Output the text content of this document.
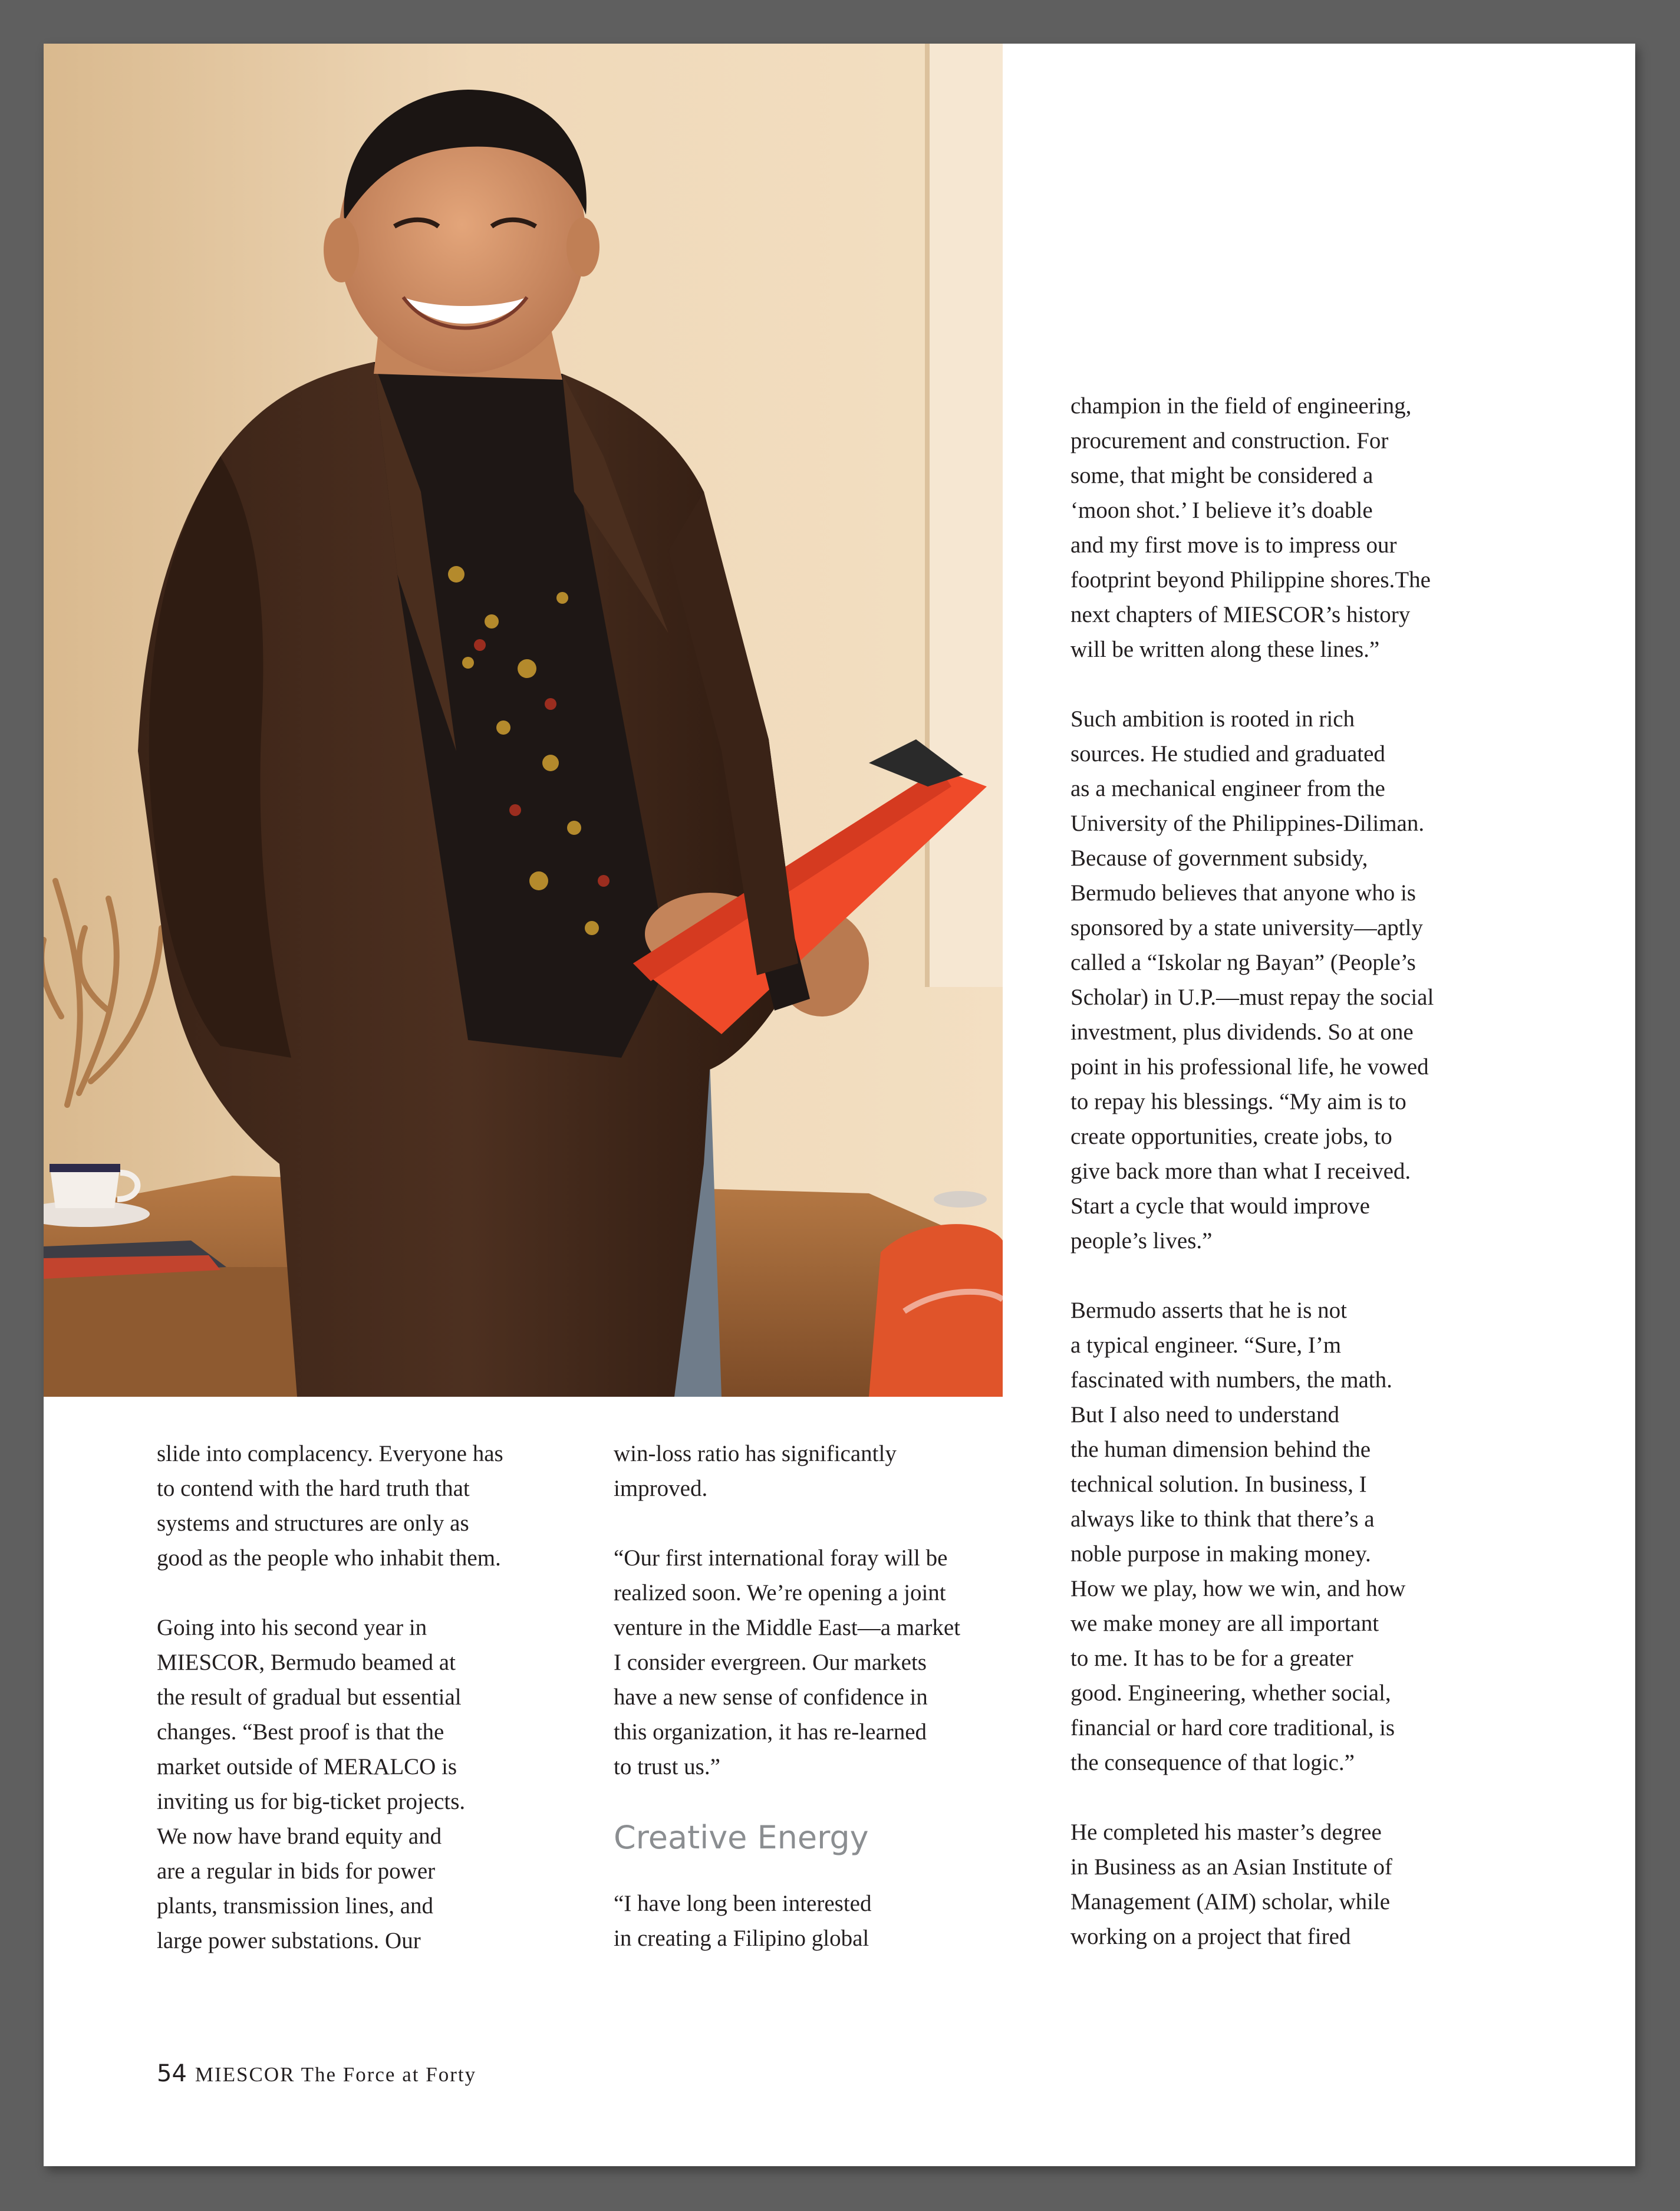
slide into complacency. Everyone has
to contend with the hard truth that
systems and structures are only as
good as the people who inhabit them.

Going into his second year in
MIESCOR, Bermudo beamed at
the result of gradual but essential
changes. “Best proof is that the
market outside of MERALCO is
inviting us for big-ticket projects.
We now have brand equity and
are a regular in bids for power
plants, transmission lines, and
large power substations. Our

win-loss ratio has significantly
improved.

“Our first international foray will be
realized soon. We’re opening a joint
venture in the Middle East—a market
I consider evergreen. Our markets
have a new sense of confidence in
this organization, it has re-learned
to trust us.”

Creative Energy

“I have long been interested
in creating a Filipino global

champion in the field of engineering,
procurement and construction. For
some, that might be considered a
‘moon shot.’ I believe it’s doable
and my first move is to impress our
footprint beyond Philippine shores.The
next chapters of MIESCOR’s history
will be written along these lines.”

Such ambition is rooted in rich
sources. He studied and graduated
as a mechanical engineer from the
University of the Philippines-Diliman.
Because of government subsidy,
Bermudo believes that anyone who is
sponsored by a state university—aptly
called a “Iskolar ng Bayan” (People’s
Scholar) in U.P.—must repay the social
investment, plus dividends. So at one
point in his professional life, he vowed
to repay his blessings. “My aim is to
create opportunities, create jobs, to
give back more than what I received.
Start a cycle that would improve
people’s lives.”

Bermudo asserts that he is not
a typical engineer. “Sure, I’m
fascinated with numbers, the math.
But I also need to understand
the human dimension behind the
technical solution. In business, I
always like to think that there’s a
noble purpose in making money.
How we play, how we win, and how
we make money are all important
to me. It has to be for a greater
good. Engineering, whether social,
financial or hard core traditional, is
the consequence of that logic.”

He completed his master’s degree
in Business as an Asian Institute of
Management (AIM) scholar, while
working on a project that fired

54 MIESCOR The Force at Forty
